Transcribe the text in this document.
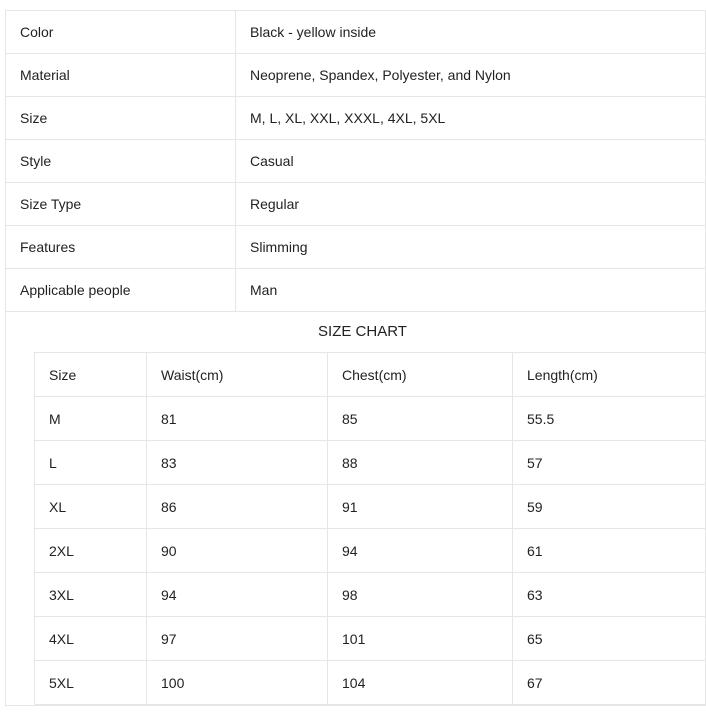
Color	Black - yellow inside
Material	Neoprene, Spandex, Polyester, and Nylon
Size	M, L, XL, XXL, XXXL, 4XL, 5XL
Style	Casual
Size Type	Regular
Features	Slimming
Applicable people	Man

SIZE CHART
Size	Waist(cm)	Chest(cm)	Length(cm)
M	81	85	55.5
L	83	88	57
XL	86	91	59
2XL	90	94	61
3XL	94	98	63
4XL	97	101	65
5XL	100	104	67
